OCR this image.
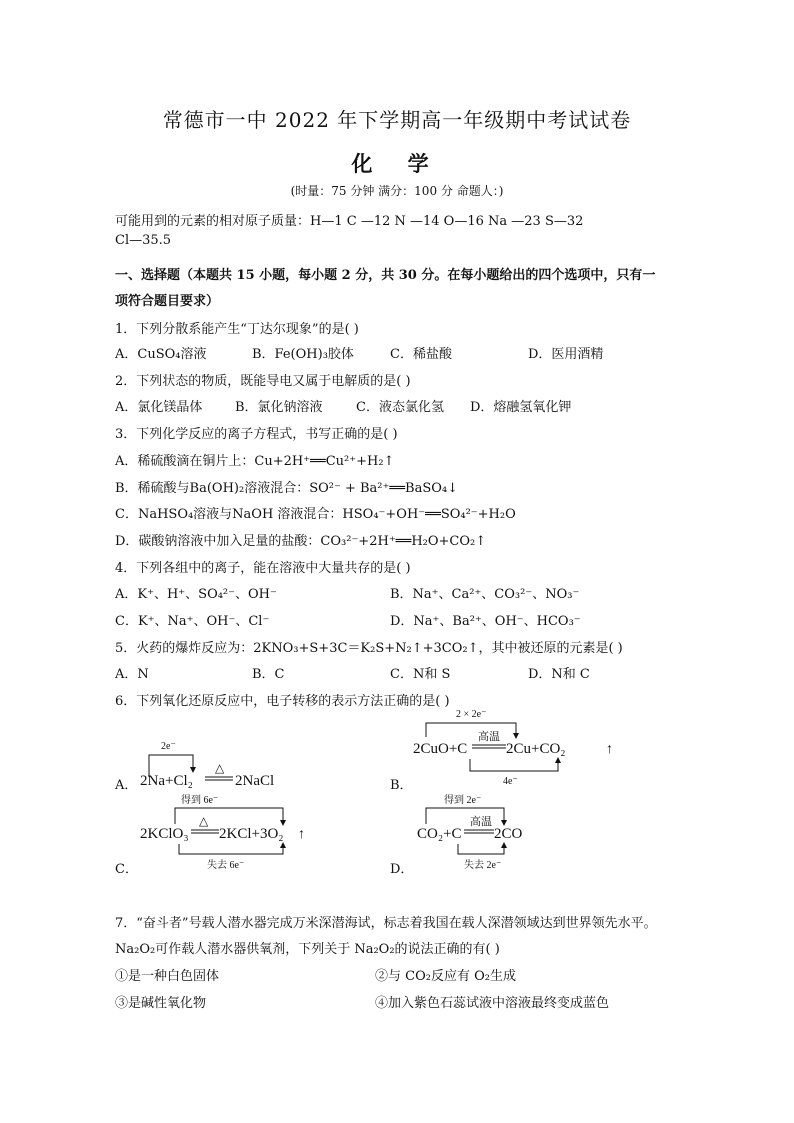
常德市一中 2022 年下学期高一年级期中考试试卷
化 学
(时量：75 分钟 满分：100 分 命题人：)
可能用到的元素的相对原子质量：H—1 C —12 N —14 O—16 Na —23 S—32
Cl—35.5
一、选择题（本题共 15 小题，每小题 2 分，共 30 分。在每小题给出的四个选项中，只有一
项符合题目要求）
1．下列分散系能产生“丁达尔现象”的是( )
A．CuSO₄溶液	B．Fe(OH)₃胶体	C．稀盐酸	D．医用酒精
2．下列状态的物质，既能导电又属于电解质的是( )
A．氯化镁晶体	B．氯化钠溶液	C．液态氯化氢 D．熔融氢氧化钾
3．下列化学反应的离子方程式，书写正确的是( )
A．稀硫酸滴在铜片上：Cu+2H⁺══Cu²⁺+H₂↑
B．稀硫酸与Ba(OH)₂溶液混合：SO²⁻ + Ba²⁺══BaSO₄↓
C．NaHSO₄溶液与NaOH 溶液混合：HSO₄⁻+OH⁻══SO₄²⁻+H₂O
D．碳酸钠溶液中加入足量的盐酸：CO₃²⁻+2H⁺══H₂O+CO₂↑
4．下列各组中的离子，能在溶液中大量共存的是( )
A．K⁺、H⁺、SO₄²⁻、OH⁻	B．Na⁺、Ca²⁺、CO₃²⁻、NO₃⁻
C．K⁺、Na⁺、OH⁻、Cl⁻	D．Na⁺、Ba²⁺、OH⁻、HCO₃⁻
5．火药的爆炸反应为：2KNO₃+S+3C＝K₂S+N₂↑+3CO₂↑，其中被还原的元素是( )
A．N	B．C	C．N和 S	D．N和 C
6．下列氧化还原反应中，电子转移的表示方法正确的是( )
A．	B．
C．	D．
2e⁻
2Na+Cl₂
△
2NaCl
2 × 2e⁻
2CuO+C
高温
2Cu+CO₂	↑
4e⁻
得到 6e⁻
2KClO₃
△
2KCl+3O₂ ↑
失去 6e⁻
得到 2e⁻
CO₂+C
高温
2CO
失去 2e⁻
7．“奋斗者”号载人潜水器完成万米深潜海试，标志着我国在载人深潜领域达到世界领先水平。
Na₂O₂可作载人潜水器供氧剂，下列关于 Na₂O₂的说法正确的有( )
①是一种白色固体	②与 CO₂反应有 O₂生成
③是碱性氧化物	④加入紫色石蕊试液中溶液最终变成蓝色
